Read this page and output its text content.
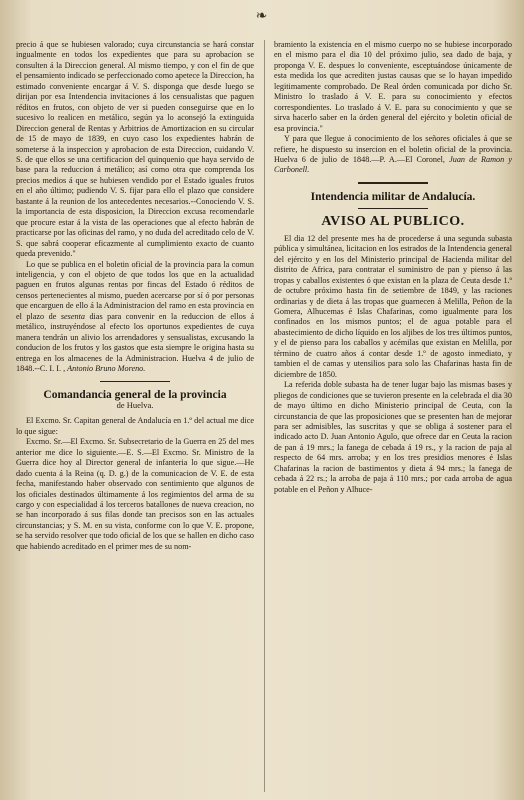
❧

precio á que se hubiesen valorado; cuya circunstancia se hará constar ingualmente en todos los expedientes que para su aprobacion se consulten á la Direccion general. Al mismo tiempo, y con el fin de que el pensamiento indicado se perfeccionado como apetece la Direccion, ha estimado conveniente encargar á V. S. disponga que desde luego se dirijan por esa Intendencia invitaciones á los censualistas que paguen réditos en frutos, con objeto de ver si pueden conseguirse que en lo sucesivo lo realicen en metálico, según ya lo aconsejó la extinguida Direccion general de Rentas y Arbitrios de Amortizacion en su circular de 15 de mayo de 1839, en cuyo caso los expedientes habrán de someterse á la inspeccion y aprobacion de esta Direccion, cuidando V. S. de que ellos se una certificacion del quinquenio que haya servido de base para la reduccion á metálico; así como otra que comprenda los precios medios á que se hubiesen vendido por el Estado iguales frutos en el año último; pudiendo V. S. fijar para ello el plazo que considere bastante á la reunion de los antecedentes necesarios.--Conociendo V. S. la importancia de esta disposicion, la Direccion excusa recomendarle que procure estar á la vista de las operaciones que al efecto habrán de practicarse por las oficinas del ramo, y no duda del acreditado celo de V. S. que sabrá cooperar eficazmente al cumplimiento exacto de cuanto queda prevenido."

Lo que se publica en el boletin oficial de la provincia para la comun inteligencia, y con el objeto de que todos los que en la actualidad paguen en frutos algunas rentas por fincas del Estado ó réditos de censos pertenecientes al mismo, pueden acercarse por sí ó por personas que encarguen de ello á la Administracion del ramo en esta provincia en el plazo de sesenta dias para convenir en la reduccion de ellos á metálico, instruyéndose al efecto los oportunos expedientes de cuya manera tendrán un alivio los arrendadores y sensualistas, excusando la conducion de los frutos y los gastos que esta siempre le origina hasta su entrega en los almacenes de la Administracion. Huelva 4 de julio de 1848.--C. I. I. , Antonio Bruno Moreno.

Comandancia general de la provincia
de Huelva.

El Excmo. Sr. Capitan general de Andalucía en 1.º del actual me dice lo que sigue:

Excmo. Sr.—El Excmo. Sr. Subsecretario de la Guerra en 25 del mes anterior me dice lo siguiente.—E. S.—El Excmo. Sr. Ministro de la Guerra dice hoy al Director general de infanteria lo que sigue.—He dado cuenta á la Reina (q. D. g.) de la comunicacion de V. E. de esta fecha, manifestando haber observado con sentimiento que algunos de los oficiales destinados últimamente á los regimientos del arma de su cargo y con especialidad á los terceros batallones de nueva creacion, no se han incorporado á sus filas donde tan precisos son en las actuales circunstancias; y S. M. en su vista, conforme con lo que V. E. propone, se ha servido resolver que todo oficial de los que se hallen en dicho caso que habiendo acreditado en el primer mes de su nom-

bramiento la existencia en el mismo cuerpo no se hubiese incorporado en el mismo para el dia 10 del próximo julio, sea dado de baja, y proponga V. E. despues lo conveniente, esceptuándose únicamente de esta medida los que acrediten justas causas que se lo hayan impedido legitimamente comprobado. De Real órden comunicada por dicho Sr. Ministro lo traslado á V. E. para su conocimiento y efectos correspondientes. Lo traslado á V. E. para su conocimiento y que se sirva hacerlo saber en la órden general del ejército y boletin oficial de esa provincia."

Y para que llegue á conocimiento de los señores oficiales á que se refiere, he dispuesto su insercion en el boletin oficial de la provincia. Huelva 6 de julio de 1848.—P. A.—El Coronel, Juan de Ramon y Carbonell.

Intendencia militar de Andalucía.
AVISO AL PUBLICO.

El dia 12 del presente mes ha de procederse á una segunda subasta pública y simultánea, licitacion en los estrados de la Intendencia general del ejército y en los del Ministerio principal de Hacienda militar del distrito de Africa, para contratar el suministro de pan y pienso á las tropas y caballos existentes ó que existan en la plaza de Ceuta desde 1.º de octubre próximo hasta fin de setiembre de 1849, y las raciones ordinarias y de dieta á las tropas que guarnecen á Melilla, Peñon de la Gomera, Alhucemas é Islas Chafarinas, como igualmente para los confinados en los mismos puntos; el de agua potable para el abastecimiento de dicho líquido en los aljibes de los tres últimos puntos, y el de pienso para los caballos y acémilas que existan en Melilla, por término de cuatro años á contar desde 1.º de agosto inmediato, y tambien el de camas y utensilios para solo las Chafarinas hasta fin de diciembre de 1850.

La referida doble subasta ha de tener lugar bajo las mismas bases y pliegos de condiciones que se tuvieron presente en la celebrada el dia 30 de mayo último en dicho Ministerio principal de Ceuta, con la circunstancia de que las proposiciones que se presenten han de mejorar para ser admisibles, las suscritas y que se obliga á sostener para el indicado acto D. Juan Antonio Agulo, que ofrece dar en Ceuta la racion de pan á 19 mrs.; la fanega de cebada á 19 rs., y la racion de paja al respecto de 64 mrs. arroba; y en los tres presidios menores é Islas Chafarinas la racion de bastimentos y dieta á 94 mrs.; la fanega de cebada á 22 rs.; la arroba de paja á 110 mrs.; por cada arroba de agua potable en el Peñon y Alhuce-
